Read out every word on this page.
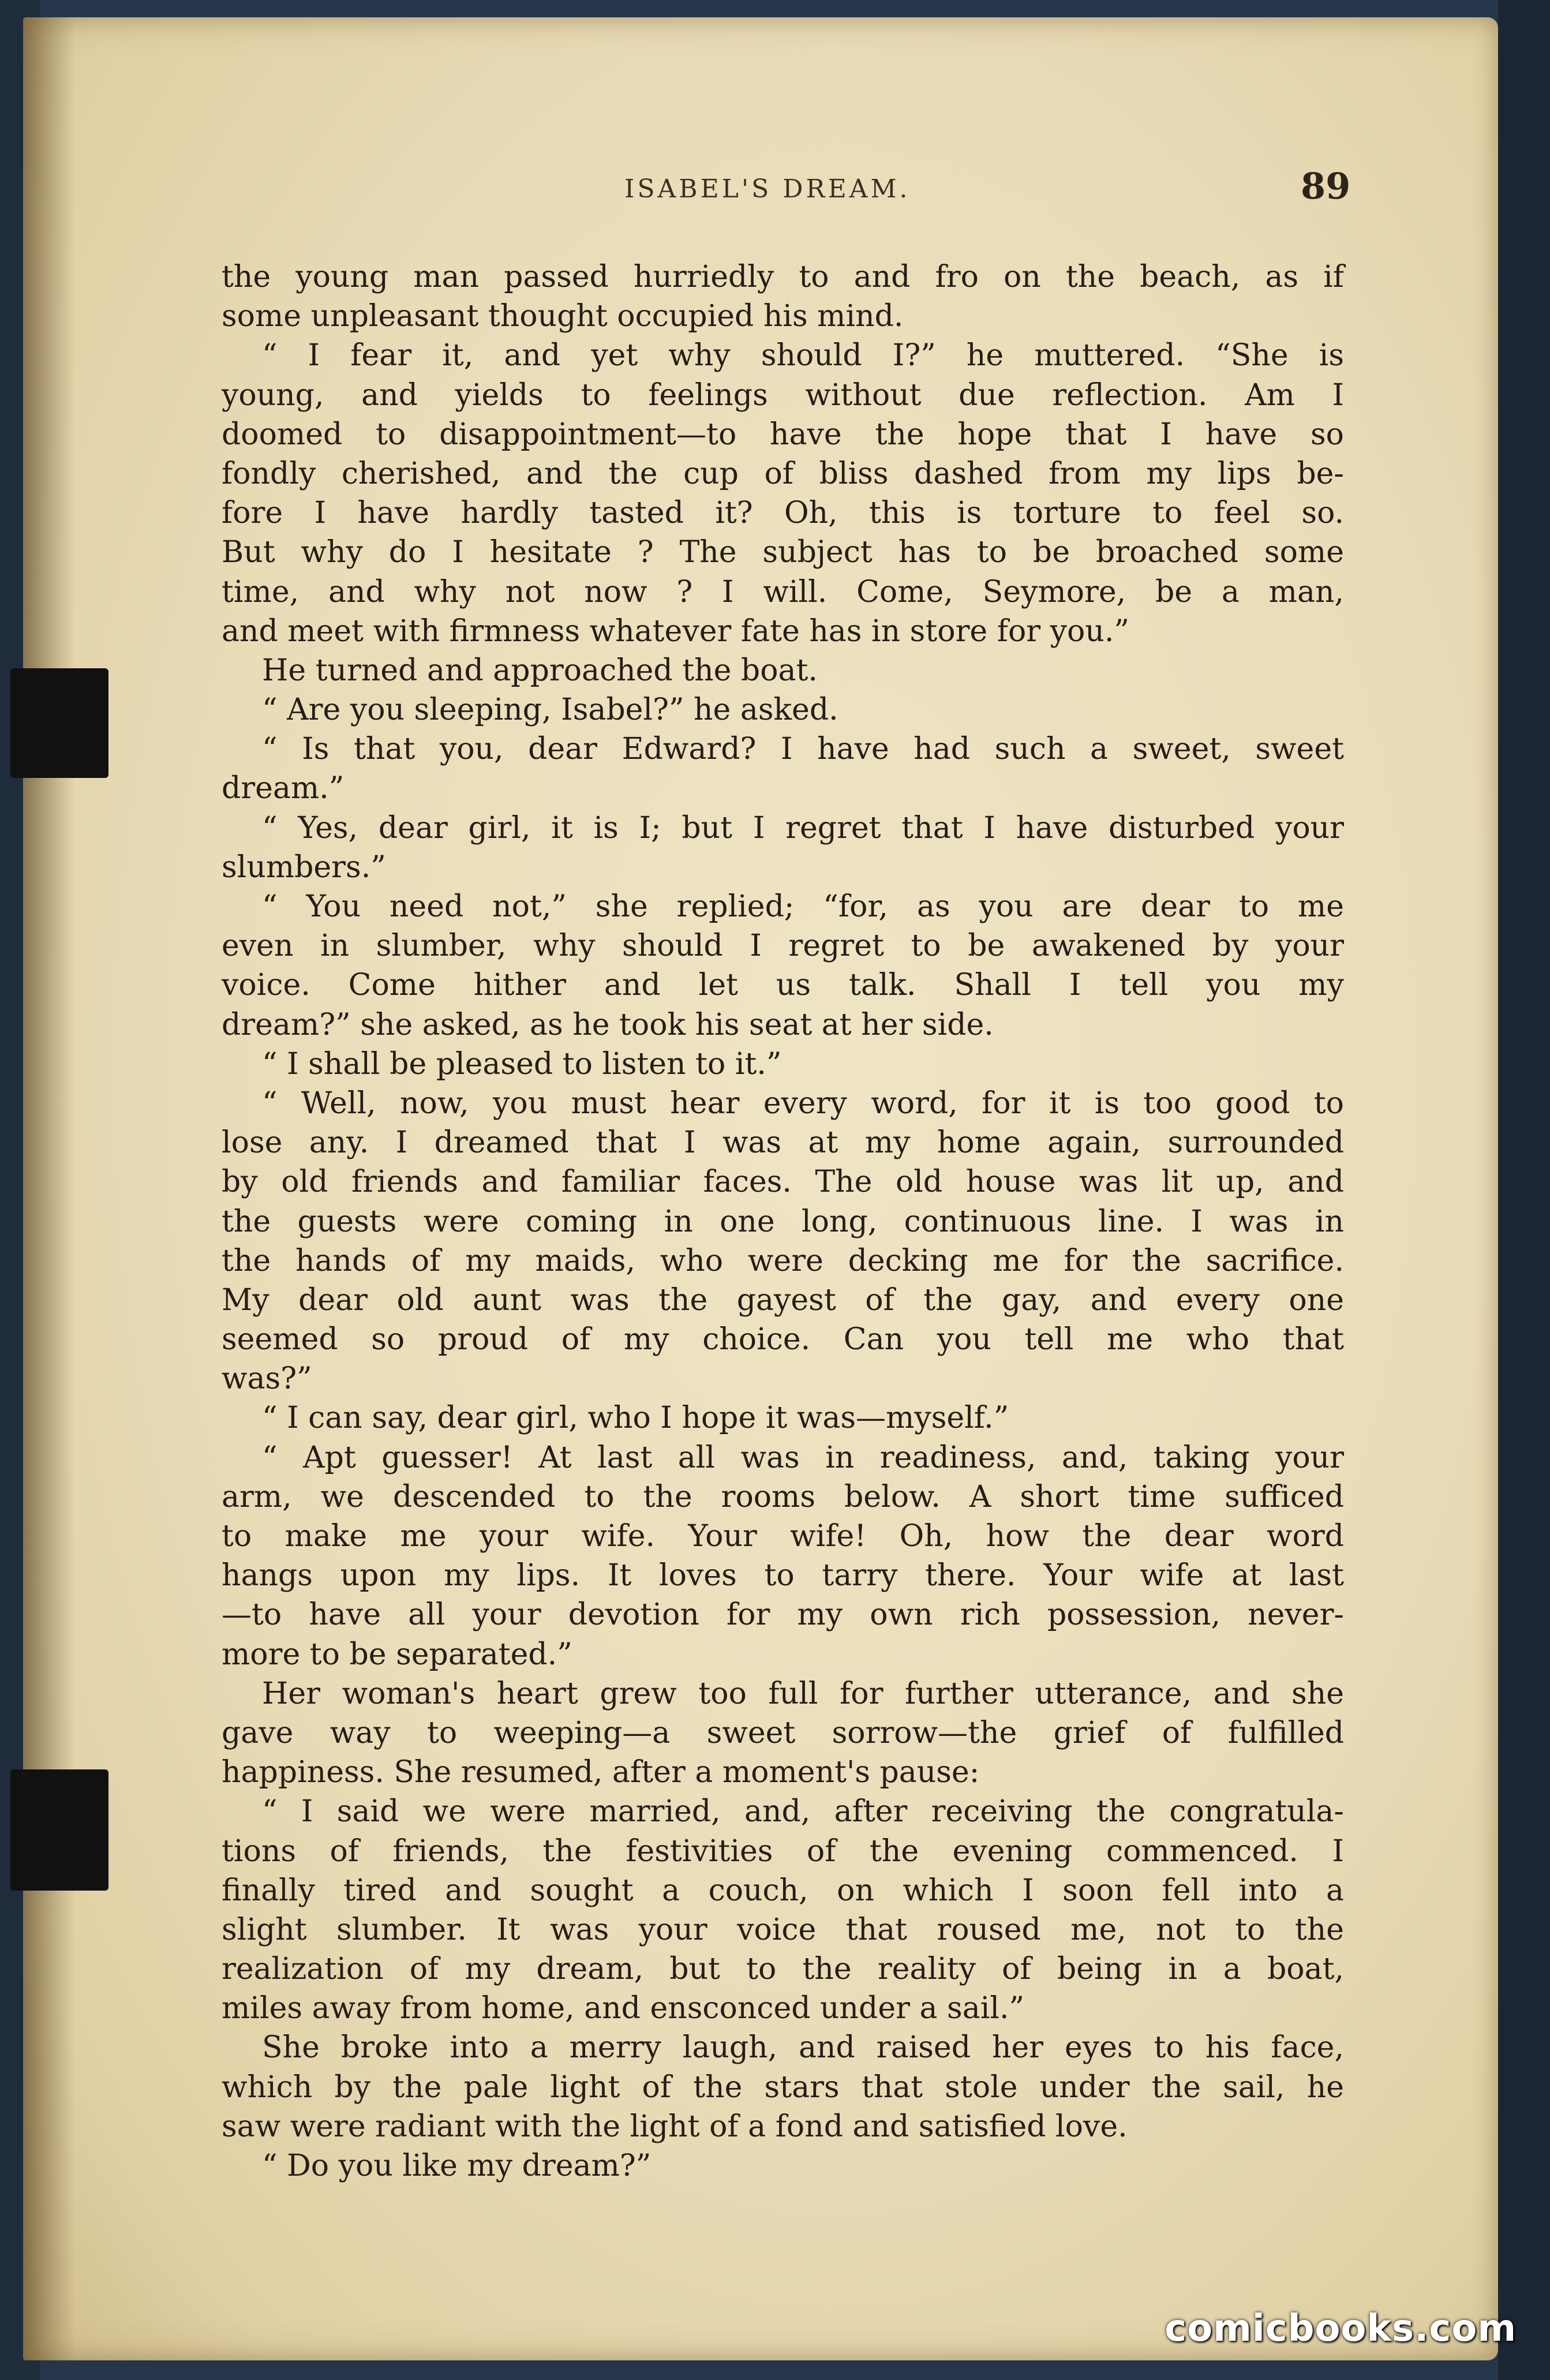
ISABEL'S DREAM.	89
the young man passed hurriedly to and fro on the beach, as if
some unpleasant thought occupied his mind.
“ I fear it, and yet why should I?” he muttered. “She is
young, and yields to feelings without due reflection. Am I
doomed to disappointment—to have the hope that I have so
fondly cherished, and the cup of bliss dashed from my lips be-
fore I have hardly tasted it? Oh, this is torture to feel so.
But why do I hesitate ? The subject has to be broached some
time, and why not now ? I will. Come, Seymore, be a man,
and meet with firmness whatever fate has in store for you.”
He turned and approached the boat.
“ Are you sleeping, Isabel?” he asked.
“ Is that you, dear Edward? I have had such a sweet, sweet
dream.”
“ Yes, dear girl, it is I; but I regret that I have disturbed your
slumbers.”
“ You need not,” she replied; “for, as you are dear to me
even in slumber, why should I regret to be awakened by your
voice. Come hither and let us talk. Shall I tell you my
dream?” she asked, as he took his seat at her side.
“ I shall be pleased to listen to it.”
“ Well, now, you must hear every word, for it is too good to
lose any. I dreamed that I was at my home again, surrounded
by old friends and familiar faces. The old house was lit up, and
the guests were coming in one long, continuous line. I was in
the hands of my maids, who were decking me for the sacrifice.
My dear old aunt was the gayest of the gay, and every one
seemed so proud of my choice. Can you tell me who that
was?”
“ I can say, dear girl, who I hope it was—myself.”
“ Apt guesser! At last all was in readiness, and, taking your
arm, we descended to the rooms below. A short time sufficed
to make me your wife. Your wife! Oh, how the dear word
hangs upon my lips. It loves to tarry there. Your wife at last
—to have all your devotion for my own rich possession, never-
more to be separated.”
Her woman's heart grew too full for further utterance, and she
gave way to weeping—a sweet sorrow—the grief of fulfilled
happiness. She resumed, after a moment's pause:
“ I said we were married, and, after receiving the congratula-
tions of friends, the festivities of the evening commenced. I
finally tired and sought a couch, on which I soon fell into a
slight slumber. It was your voice that roused me, not to the
realization of my dream, but to the reality of being in a boat,
miles away from home, and ensconced under a sail.”
She broke into a merry laugh, and raised her eyes to his face,
which by the pale light of the stars that stole under the sail, he
saw were radiant with the light of a fond and satisfied love.
“ Do you like my dream?”
comicbooks.com
